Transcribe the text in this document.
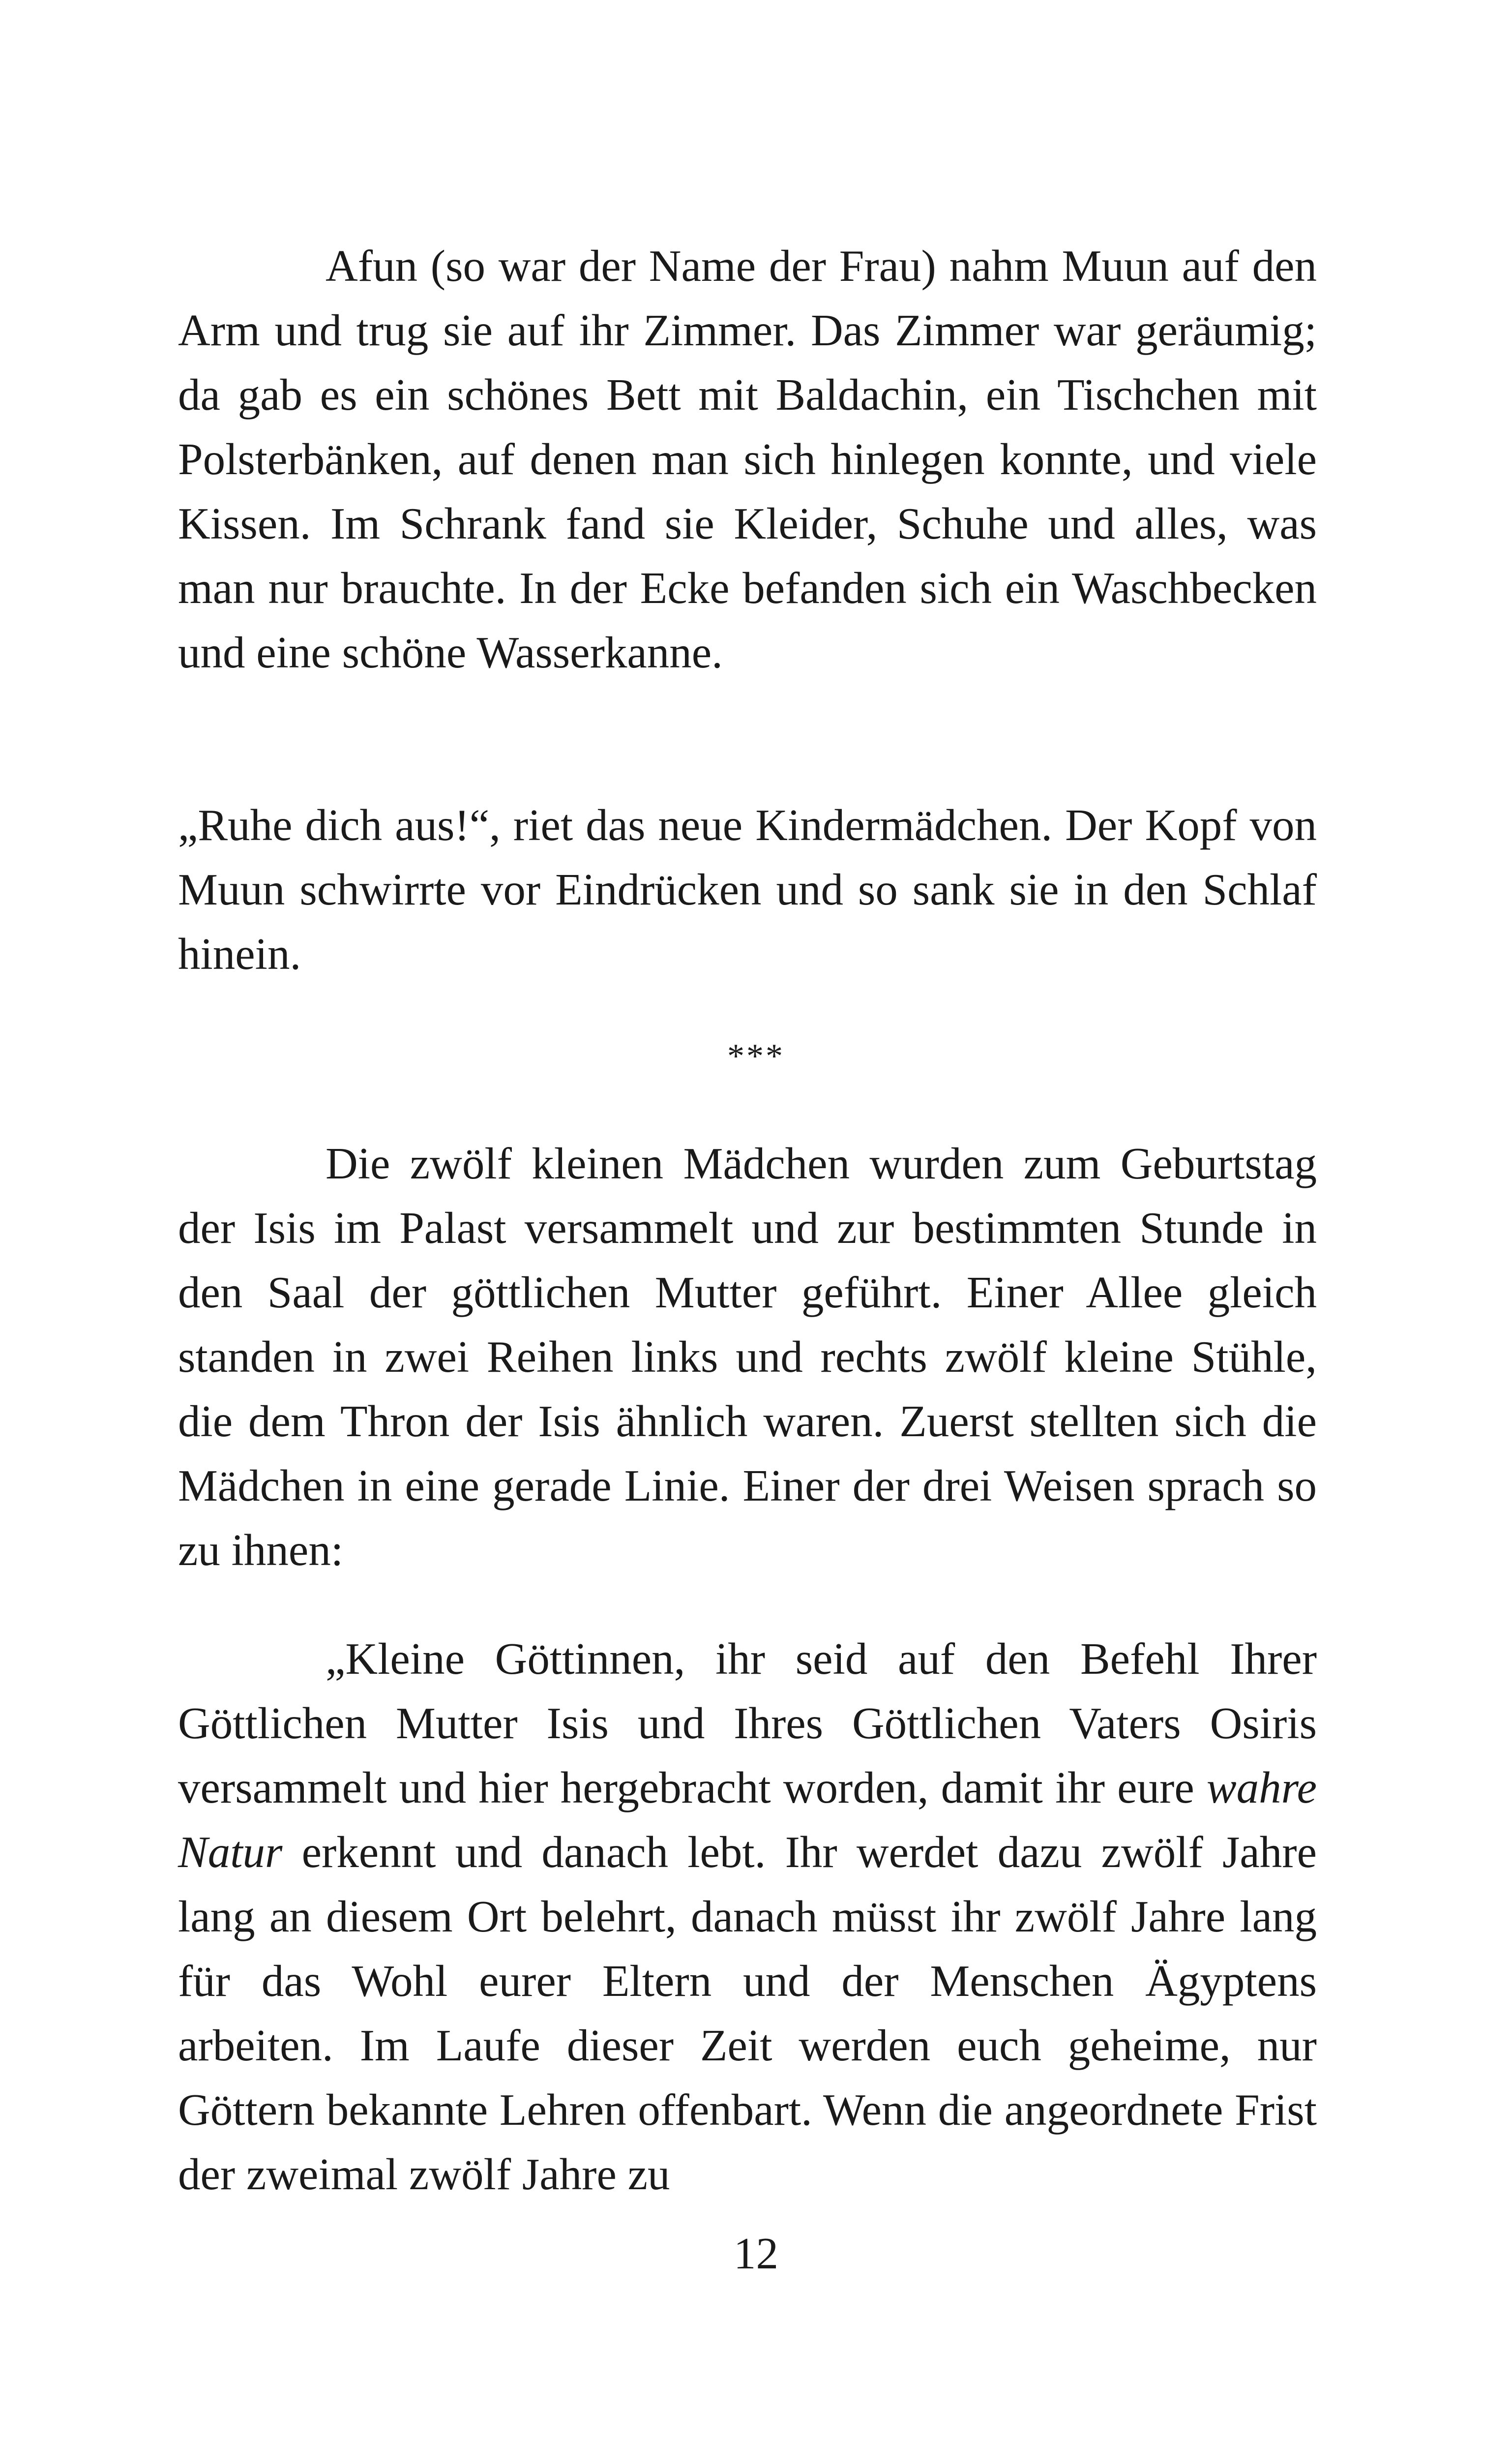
Afun (so war der Name der Frau) nahm Muun auf den Arm und trug sie auf ihr Zimmer. Das Zimmer war geräumig; da gab es ein schönes Bett mit Baldachin, ein Tischchen mit Polsterbänken, auf denen man sich hinlegen konnte, und viele Kissen. Im Schrank fand sie Kleider, Schuhe und alles, was man nur brauchte. In der Ecke befanden sich ein Waschbecken und eine schöne Wasserkanne.

„Ruhe dich aus!“, riet das neue Kindermädchen. Der Kopf von Muun schwirrte vor Eindrücken und so sank sie in den Schlaf hinein.

***

Die zwölf kleinen Mädchen wurden zum Geburtstag der Isis im Palast versammelt und zur bestimmten Stunde in den Saal der göttlichen Mutter geführt. Einer Allee gleich standen in zwei Reihen links und rechts zwölf kleine Stühle, die dem Thron der Isis ähnlich waren. Zuerst stellten sich die Mädchen in eine gerade Linie. Einer der drei Weisen sprach so zu ihnen:

„Kleine Göttinnen, ihr seid auf den Befehl Ihrer Göttlichen Mutter Isis und Ihres Göttlichen Vaters Osiris versammelt und hier hergebracht worden, damit ihr eure wahre Natur erkennt und danach lebt. Ihr werdet dazu zwölf Jahre lang an diesem Ort belehrt, danach müsst ihr zwölf Jahre lang für das Wohl eurer Eltern und der Menschen Ägyptens arbeiten. Im Laufe dieser Zeit werden euch geheime, nur Göttern bekannte Lehren offenbart. Wenn die angeordnete Frist der zweimal zwölf Jahre zu

12
